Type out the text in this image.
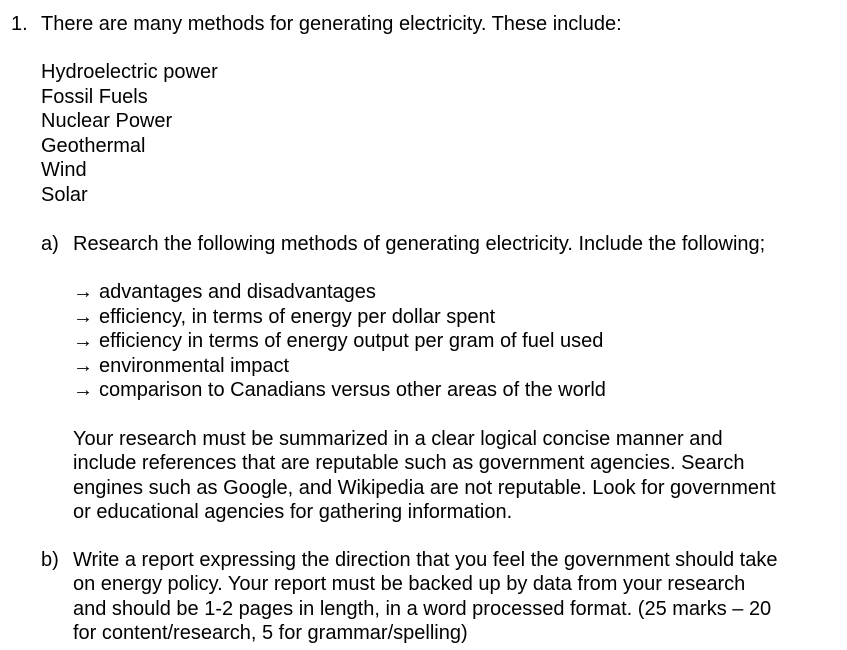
1. There are many methods for generating electricity. These include:
Hydroelectric power
Fossil Fuels
Nuclear Power
Geothermal
Wind
Solar
a) Research the following methods of generating electricity. Include the following;
→ advantages and disadvantages
→ efficiency, in terms of energy per dollar spent
→ efficiency in terms of energy output per gram of fuel used
→ environmental impact
→ comparison to Canadians versus other areas of the world
Your research must be summarized in a clear logical concise manner and
include references that are reputable such as government agencies. Search
engines such as Google, and Wikipedia are not reputable. Look for government
or educational agencies for gathering information.
b) Write a report expressing the direction that you feel the government should take
on energy policy. Your report must be backed up by data from your research
and should be 1-2 pages in length, in a word processed format. (25 marks – 20
for content/research, 5 for grammar/spelling)
